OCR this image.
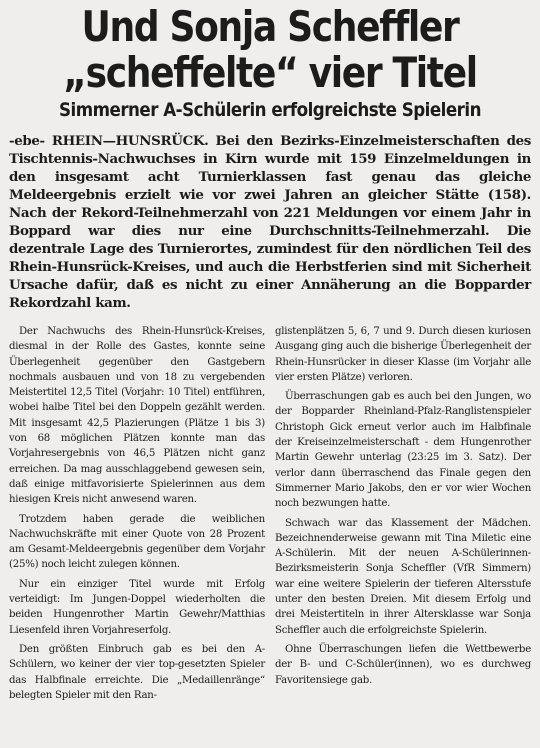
Und Sonja Scheffler
„scheffelte“ vier Titel
Simmerner A-Schülerin erfolgreichste Spielerin

-ebe- RHEIN—HUNSRÜCK. Bei den Bezirks-Einzelmeisterschaften des Tischtennis-Nachwuchses in Kirn wurde mit 159 Einzelmeldungen in den insgesamt acht Turnierklassen fast genau das gleiche Meldeergebnis erzielt wie vor zwei Jahren an gleicher Stätte (158). Nach der Rekord-Teilnehmerzahl von 221 Meldungen vor einem Jahr in Boppard war dies nur eine Durchschnitts-Teilnehmerzahl. Die dezentrale Lage des Turnierortes, zumindest für den nördlichen Teil des Rhein-Hunsrück-Kreises, und auch die Herbstferien sind mit Sicherheit Ursache dafür, daß es nicht zu einer Annäherung an die Bopparder Rekordzahl kam.

Der Nachwuchs des Rhein-Hunsrück-Kreises, diesmal in der Rolle des Gastes, konnte seine Überlegenheit gegenüber den Gastgebern nochmals ausbauen und von 18 zu vergebenden Meistertitel 12,5 Titel (Vorjahr: 10 Titel) entführen, wobei halbe Titel bei den Doppeln gezählt werden. Mit insgesamt 42,5 Plazierungen (Plätze 1 bis 3) von 68 möglichen Plätzen konnte man das Vorjahresergebnis von 46,5 Plätzen nicht ganz erreichen. Da mag ausschlaggebend gewesen sein, daß einige mitfavorisierte Spielerinnen aus dem hiesigen Kreis nicht anwesend waren.

Trotzdem haben gerade die weiblichen Nachwuchskräfte mit einer Quote von 28 Prozent am Gesamt-Meldeergebnis gegenüber dem Vorjahr (25%) noch leicht zulegen können.

Nur ein einziger Titel wurde mit Erfolg verteidigt: Im Jungen-Doppel wiederholten die beiden Hungenrother Martin Gewehr/Matthias Liesenfeld ihren Vorjahreserfolg.

Den größten Einbruch gab es bei den A-Schülern, wo keiner der vier top-gesetzten Spieler das Halbfinale erreichte. Die „Medaillenränge“ belegten Spieler mit den Ran-

glistenplätzen 5, 6, 7 und 9. Durch diesen kuriosen Ausgang ging auch die bisherige Überlegenheit der Rhein-Hunsrücker in dieser Klasse (im Vorjahr alle vier ersten Plätze) verloren.

Überraschungen gab es auch bei den Jungen, wo der Bopparder Rheinland-Pfalz-Ranglistenspieler Christoph Gick erneut verlor auch im Halbfinale der Kreiseinzelmeisterschaft - dem Hungenrother Martin Gewehr unterlag (23:25 im 3. Satz). Der verlor dann überraschend das Finale gegen den Simmerner Mario Jakobs, den er vor wier Wochen noch bezwungen hatte.

Schwach war das Klassement der Mädchen. Bezeichnenderweise gewann mit Tina Miletic eine A-Schülerin. Mit der neuen A-Schülerinnen-Bezirksmeisterin Sonja Scheffler (VfR Simmern) war eine weitere Spielerin der tieferen Altersstufe unter den besten Dreien. Mit diesem Erfolg und drei Meistertiteln in ihrer Altersklasse war Sonja Scheffler auch die erfolgreichste Spielerin.

Ohne Überraschungen liefen die Wettbewerbe der B- und C-Schüler(innen), wo es durchweg Favoritensiege gab.
